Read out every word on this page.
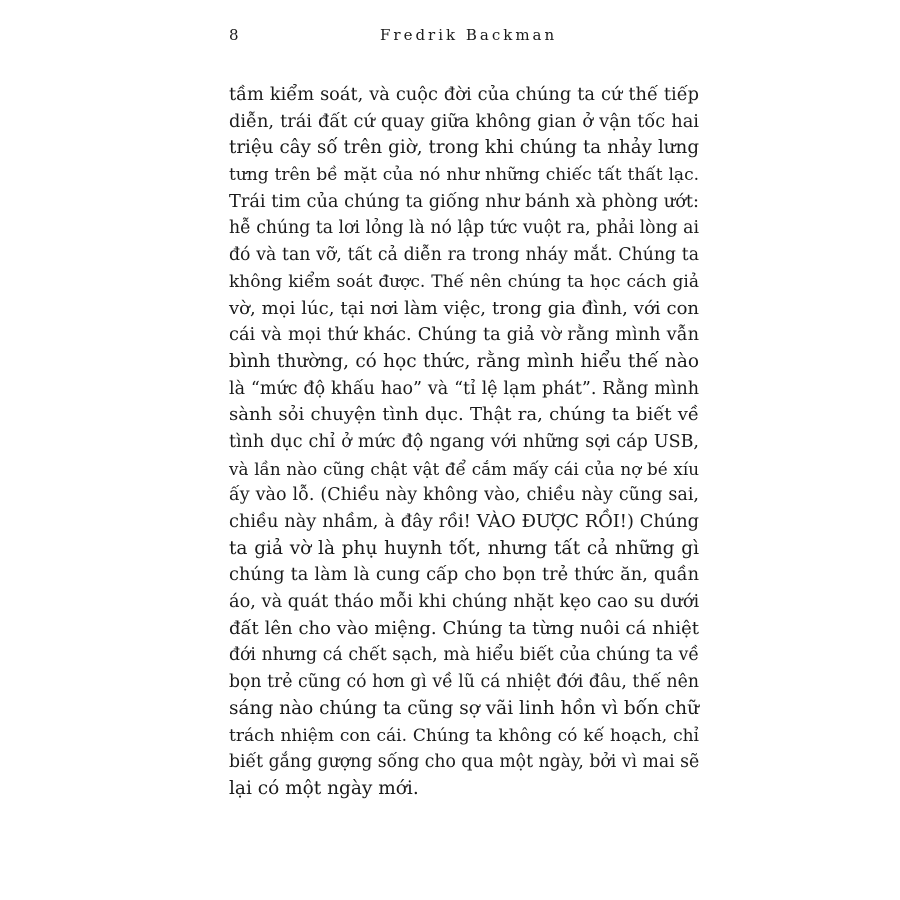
8	Fredrik Backman
tầm kiểm soát, và cuộc đời của chúng ta cứ thế tiếp
diễn, trái đất cứ quay giữa không gian ở vận tốc hai
triệu cây số trên giờ, trong khi chúng ta nhảy lưng
tưng trên bề mặt của nó như những chiếc tất thất lạc.
Trái tim của chúng ta giống như bánh xà phòng ướt:
hễ chúng ta lơi lỏng là nó lập tức vuột ra, phải lòng ai
đó và tan vỡ, tất cả diễn ra trong nháy mắt. Chúng ta
không kiểm soát được. Thế nên chúng ta học cách giả
vờ, mọi lúc, tại nơi làm việc, trong gia đình, với con
cái và mọi thứ khác. Chúng ta giả vờ rằng mình vẫn
bình thường, có học thức, rằng mình hiểu thế nào
là “mức độ khấu hao” và “tỉ lệ lạm phát”. Rằng mình
sành sỏi chuyện tình dục. Thật ra, chúng ta biết về
tình dục chỉ ở mức độ ngang với những sợi cáp USB,
và lần nào cũng chật vật để cắm mấy cái của nợ bé xíu
ấy vào lỗ. (Chiều này không vào, chiều này cũng sai,
chiều này nhầm, à đây rồi! VÀO ĐƯỢC RỒI!) Chúng
ta giả vờ là phụ huynh tốt, nhưng tất cả những gì
chúng ta làm là cung cấp cho bọn trẻ thức ăn, quần
áo, và quát tháo mỗi khi chúng nhặt kẹo cao su dưới
đất lên cho vào miệng. Chúng ta từng nuôi cá nhiệt
đới nhưng cá chết sạch, mà hiểu biết của chúng ta về
bọn trẻ cũng có hơn gì về lũ cá nhiệt đới đâu, thế nên
sáng nào chúng ta cũng sợ vãi linh hồn vì bốn chữ
trách nhiệm con cái. Chúng ta không có kế hoạch, chỉ
biết gắng gượng sống cho qua một ngày, bởi vì mai sẽ
lại có một ngày mới.
